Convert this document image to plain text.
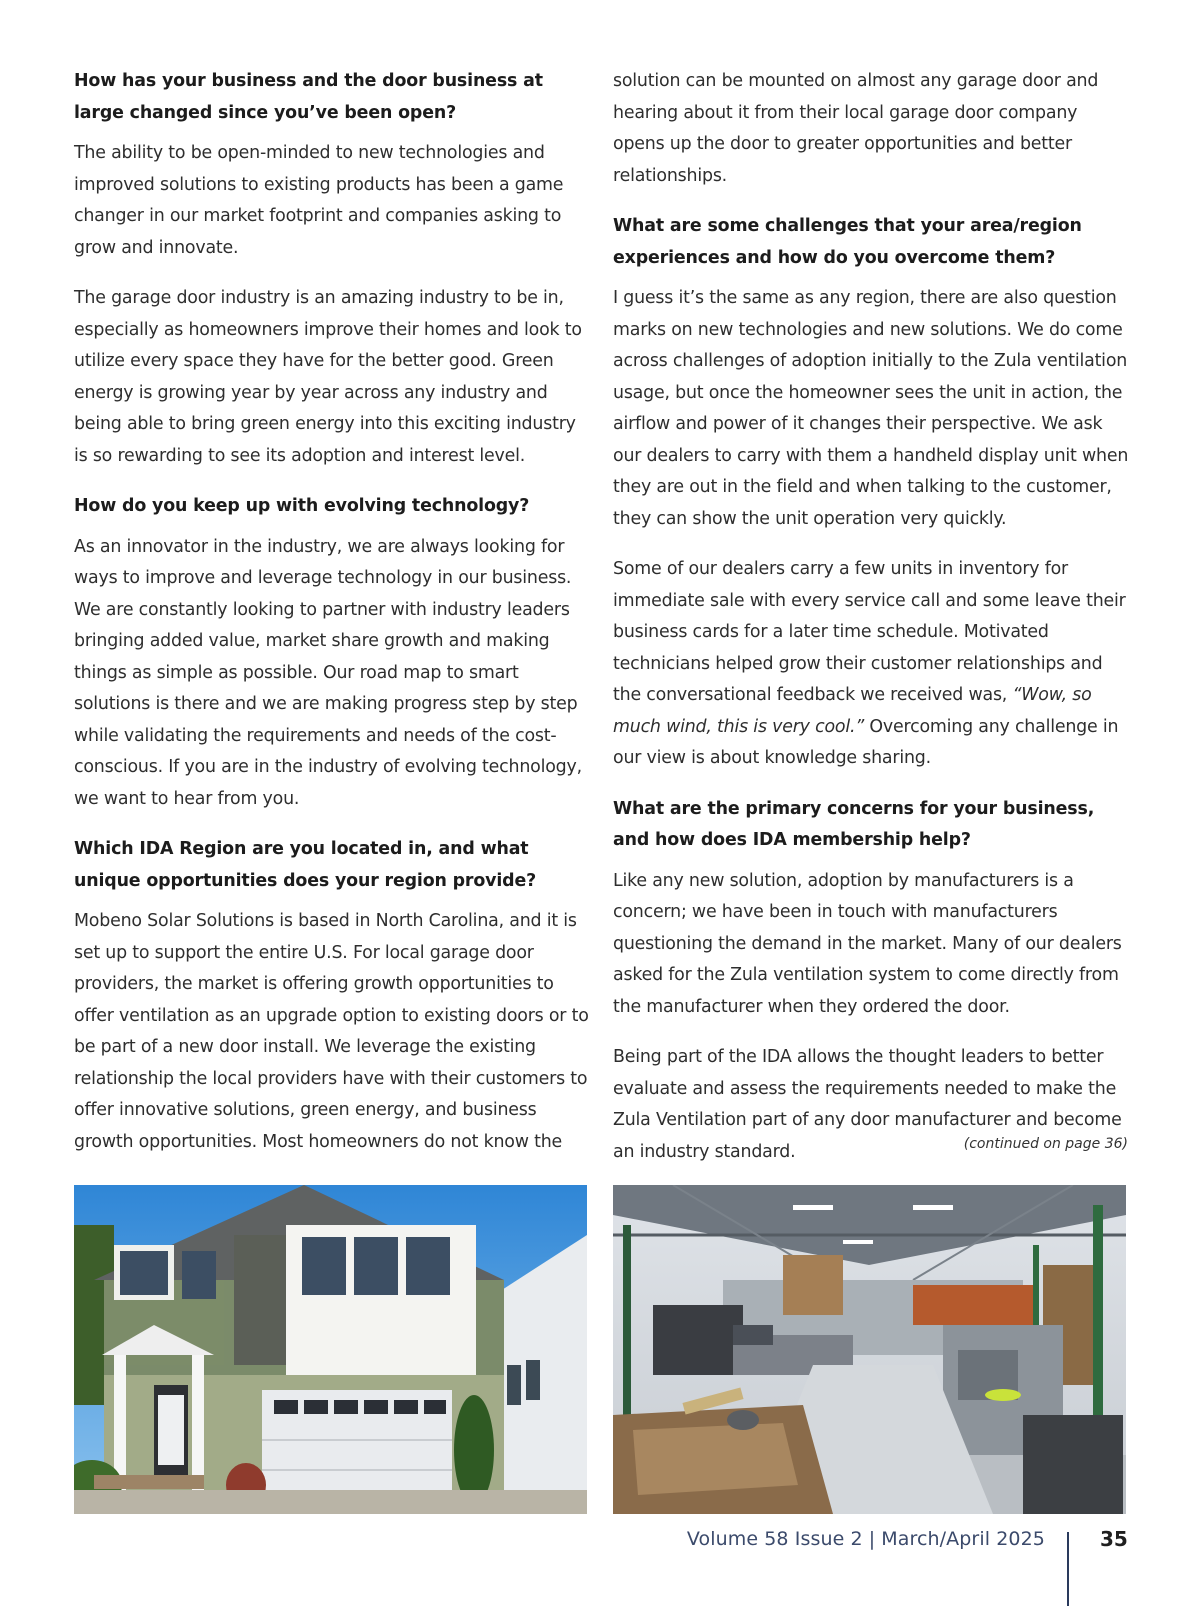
How has your business and the door business at large changed since you’ve been open?
The ability to be open-minded to new technologies and improved solutions to existing products has been a game changer in our market footprint and companies asking to grow and innovate.
The garage door industry is an amazing industry to be in, especially as homeowners improve their homes and look to utilize every space they have for the better good. Green energy is growing year by year across any industry and being able to bring green energy into this exciting industry is so rewarding to see its adoption and interest level.
How do you keep up with evolving technology?
As an innovator in the industry, we are always looking for ways to improve and leverage technology in our business. We are constantly looking to partner with industry leaders bringing added value, market share growth and making things as simple as possible. Our road map to smart solutions is there and we are making progress step by step while validating the requirements and needs of the cost-conscious. If you are in the industry of evolving technology, we want to hear from you.
Which IDA Region are you located in, and what unique opportunities does your region provide?
Mobeno Solar Solutions is based in North Carolina, and it is set up to support the entire U.S. For local garage door providers, the market is offering growth opportunities to offer ventilation as an upgrade option to existing doors or to be part of a new door install. We leverage the existing relationship the local providers have with their customers to offer innovative solutions, green energy, and business growth opportunities. Most homeowners do not know the
solution can be mounted on almost any garage door and hearing about it from their local garage door company opens up the door to greater opportunities and better relationships.
What are some challenges that your area/region experiences and how do you overcome them?
I guess it’s the same as any region, there are also question marks on new technologies and new solutions. We do come across challenges of adoption initially to the Zula ventilation usage, but once the homeowner sees the unit in action, the airflow and power of it changes their perspective. We ask our dealers to carry with them a handheld display unit when they are out in the field and when talking to the customer, they can show the unit operation very quickly.
Some of our dealers carry a few units in inventory for immediate sale with every service call and some leave their business cards for a later time schedule. Motivated technicians helped grow their customer relationships and the conversational feedback we received was, “Wow, so much wind, this is very cool.” Overcoming any challenge in our view is about knowledge sharing.
What are the primary concerns for your business, and how does IDA membership help?
Like any new solution, adoption by manufacturers is a concern; we have been in touch with manufacturers questioning the demand in the market. Many of our dealers asked for the Zula ventilation system to come directly from the manufacturer when they ordered the door.
Being part of the IDA allows the thought leaders to better evaluate and assess the requirements needed to make the Zula Ventilation part of any door manufacturer and become an industry standard.	(continued on page 36)
Volume 58 Issue 2 | March/April 2025	35
